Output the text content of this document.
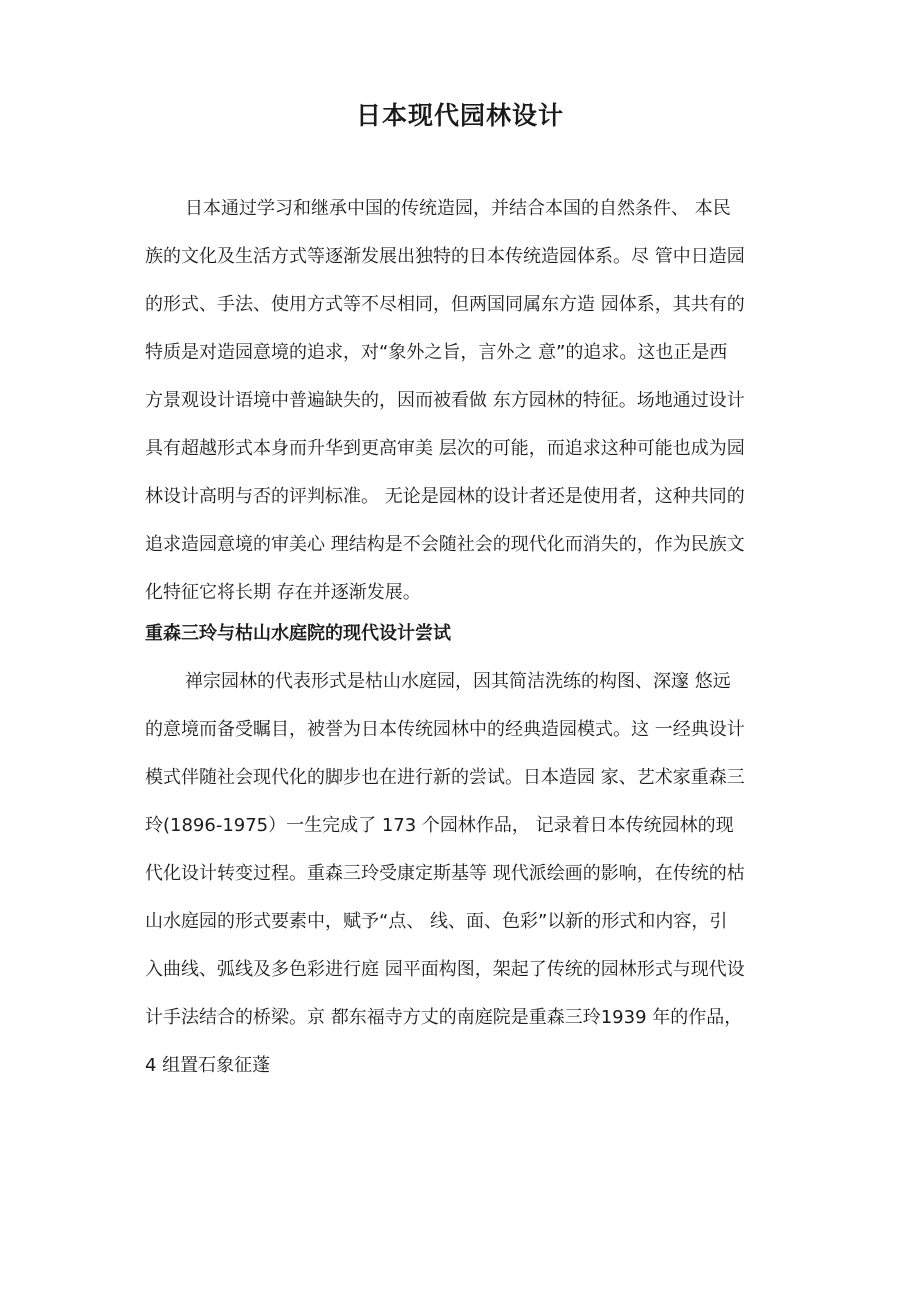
日本现代园林设计
日本通过学习和继承中国的传统造园，并结合本国的自然条件、 本民
族的文化及生活方式等逐渐发展出独特的日本传统造园体系。尽 管中日造园
的形式、手法、使用方式等不尽相同，但两国同属东方造 园体系，其共有的
特质是对造园意境的追求，对“象外之旨，言外之 意”的追求。这也正是西
方景观设计语境中普遍缺失的，因而被看做 东方园林的特征。场地通过设计
具有超越形式本身而升华到更高审美 层次的可能，而追求这种可能也成为园
林设计高明与否的评判标准。 无论是园林的设计者还是使用者，这种共同的
追求造园意境的审美心 理结构是不会随社会的现代化而消失的，作为民族文
化特征它将长期 存在并逐渐发展。
重森三玲与枯山水庭院的现代设计尝试
禅宗园林的代表形式是枯山水庭园，因其简洁洗练的构图、深邃 悠远
的意境而备受瞩目，被誉为日本传统园林中的经典造园模式。这 一经典设计
模式伴随社会现代化的脚步也在进行新的尝试。日本造园 家、艺术家重森三
玲(1896-1975）一生完成了 173 个园林作品， 记录着日本传统园林的现
代化设计转变过程。重森三玲受康定斯基等 现代派绘画的影响，在传统的枯
山水庭园的形式要素中，赋予“点、 线、面、色彩”以新的形式和内容，引
入曲线、弧线及多色彩进行庭 园平面构图，架起了传统的园林形式与现代设
计手法结合的桥梁。京 都东福寺方丈的南庭院是重森三玲1939 年的作品，
4 组置石象征蓬
